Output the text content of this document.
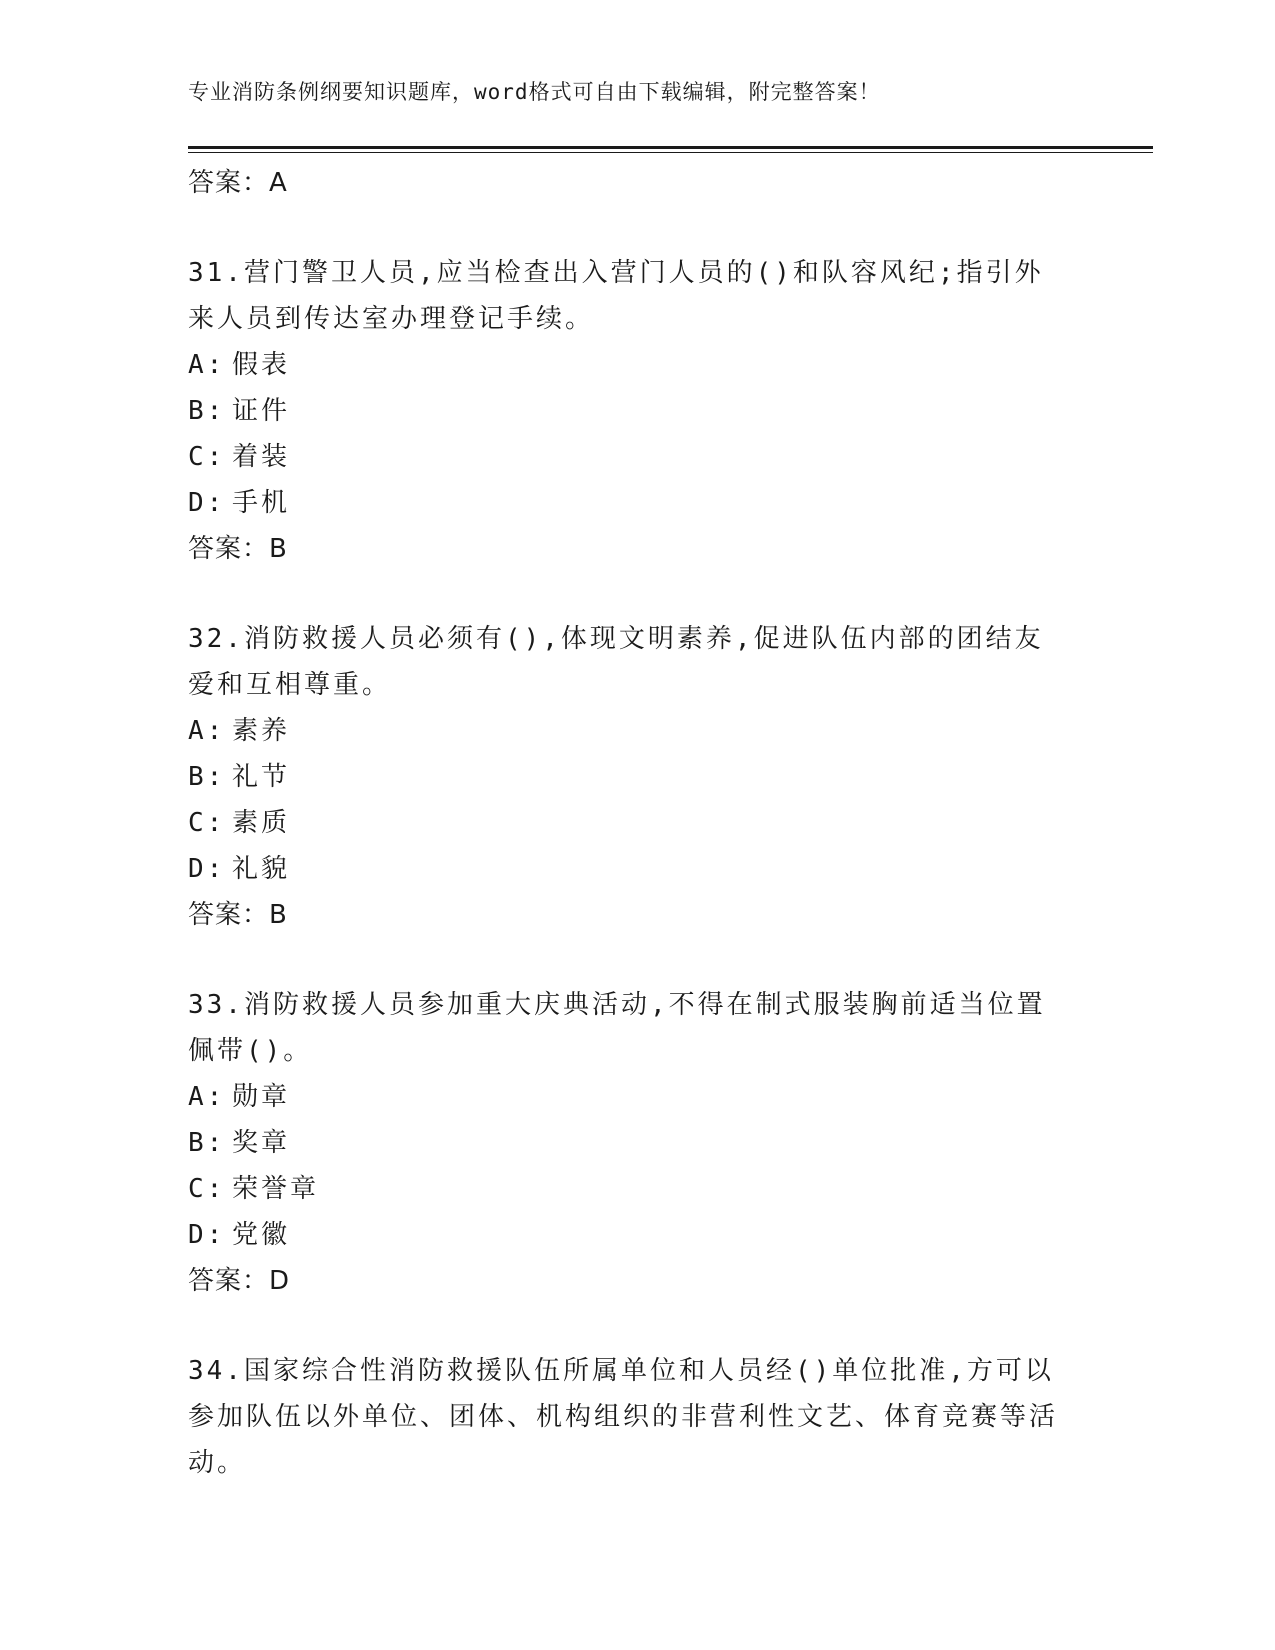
专业消防条例纲要知识题库，word格式可自由下载编辑，附完整答案！
答案：A
31.营门警卫人员,应当检查出入营门人员的()和队容风纪;指引外来人员到传达室办理登记手续。
A: 假表
B: 证件
C: 着装
D: 手机
答案：B
32.消防救援人员必须有(),体现文明素养,促进队伍内部的团结友爱和互相尊重。
A: 素养
B: 礼节
C: 素质
D: 礼貌
答案：B
33.消防救援人员参加重大庆典活动,不得在制式服装胸前适当位置佩带()。
A: 勋章
B: 奖章
C: 荣誉章
D: 党徽
答案：D
34.国家综合性消防救援队伍所属单位和人员经()单位批准,方可以参加队伍以外单位、团体、机构组织的非营利性文艺、体育竞赛等活动。
